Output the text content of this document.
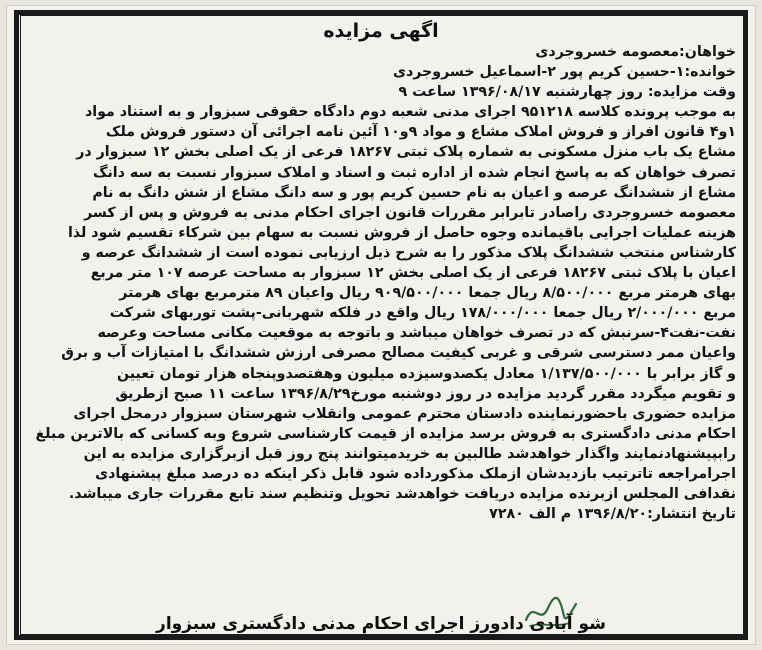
اگهی مزایده
خواهان:معصومه خسروجردی
خوانده:۱-حسین کریم پور ۲-اسماعیل خسروجردی
وقت مزایده: روز چهارشنبه ۱۳۹۶/۰۸/۱۷ ساعت ۹
به موجب پرونده کلاسه ۹۵۱۲۱۸ اجرای مدنی شعبه دوم دادگاه حقوقی سبزوار و به استناد مواد
۱و۴ قانون افراز و فروش املاک مشاع و مواد ۹و۱۰ آئین نامه اجرائی آن دستور فروش ملک
مشاع یک باب منزل مسکونی به شماره پلاک ثبتی ۱۸۲۶۷ فرعی از یک اصلی بخش ۱۲ سبزوار در
تصرف خواهان که به پاسخ انجام شده از اداره ثبت و اسناد و املاک سبزوار نسبت به سه دانگ
مشاع از ششدانگ عرصه و اعیان به نام حسین کریم پور و سه دانگ مشاع از شش دانگ به نام
معصومه خسروجردی راصادر تابرابر مقررات قانون اجرای احکام مدنی به فروش و پس از کسر
هزینه عملیات اجرایی باقیمانده وجوه حاصل از فروش نسبت به سهام بین شرکاء تقسیم شود لذا
کارشناس منتخب ششدانگ پلاک مذکور را به شرح ذیل ارزیابی نموده است از ششدانگ عرصه و
اعیان با پلاک ثبتی ۱۸۲۶۷ فرعی از یک اصلی بخش ۱۲ سبزوار به مساحت عرصه ۱۰۷ متر مربع
بهای هرمتر مربع ۸/۵۰۰/۰۰۰ ریال جمعا ۹۰۹/۵۰۰/۰۰۰ ریال واعیان ۸۹ مترمربع بهای هرمتر
مربع ۲/۰۰۰/۰۰۰ ریال جمعا ۱۷۸/۰۰۰/۰۰۰ ریال واقع در فلکه شهربانی-پشت توربهای شرکت
نفت-نفت۴-سرنبش که در تصرف خواهان میباشد و باتوجه به موقعیت مکانی مساحت وعرصه
واعیان ممر دسترسی شرقی و غربی کیفیت مصالح مصرفی ارزش ششدانگ با امتیازات آب و برق
و گاز برابر با ۱/۱۳۷/۵۰۰/۰۰۰ معادل یکصدوسیزده میلیون وهفتصدوپنجاه هزار تومان تعیین
و تقویم میگردد مقرر گردید مزایده در روز دوشنبه مورخ۱۳۹۶/۸/۲۹ ساعت ۱۱ صبح ازطریق
مزایده حضوری باحضورنماینده دادستان محترم عمومی وانقلاب شهرستان سبزوار درمحل اجرای
احکام مدنی دادگستری به فروش برسد مزایده از قیمت کارشناسی شروع وبه کسانی که بالاترین مبلغ
رابپیشنهادنمایند واگذار خواهدشد طالبین به خریدمیتوانند پنج روز قبل ازبرگزاری مزایده به این
اجرامراجعه تاترتیب بازدیدشان ازملک مذکورداده شود قابل ذکر اینکه ده درصد مبلغ پیشنهادی
نقدافی المجلس ازبرنده مزایده دریافت خواهدشد تحویل وتنظیم سند تابع مقررات جاری میباشد.
تاریخ انتشار:۱۳۹۶/۸/۲۰ م الف ۷۲۸۰
شو آبادی دادورز اجرای احکام مدنی دادگستری سبزوار
